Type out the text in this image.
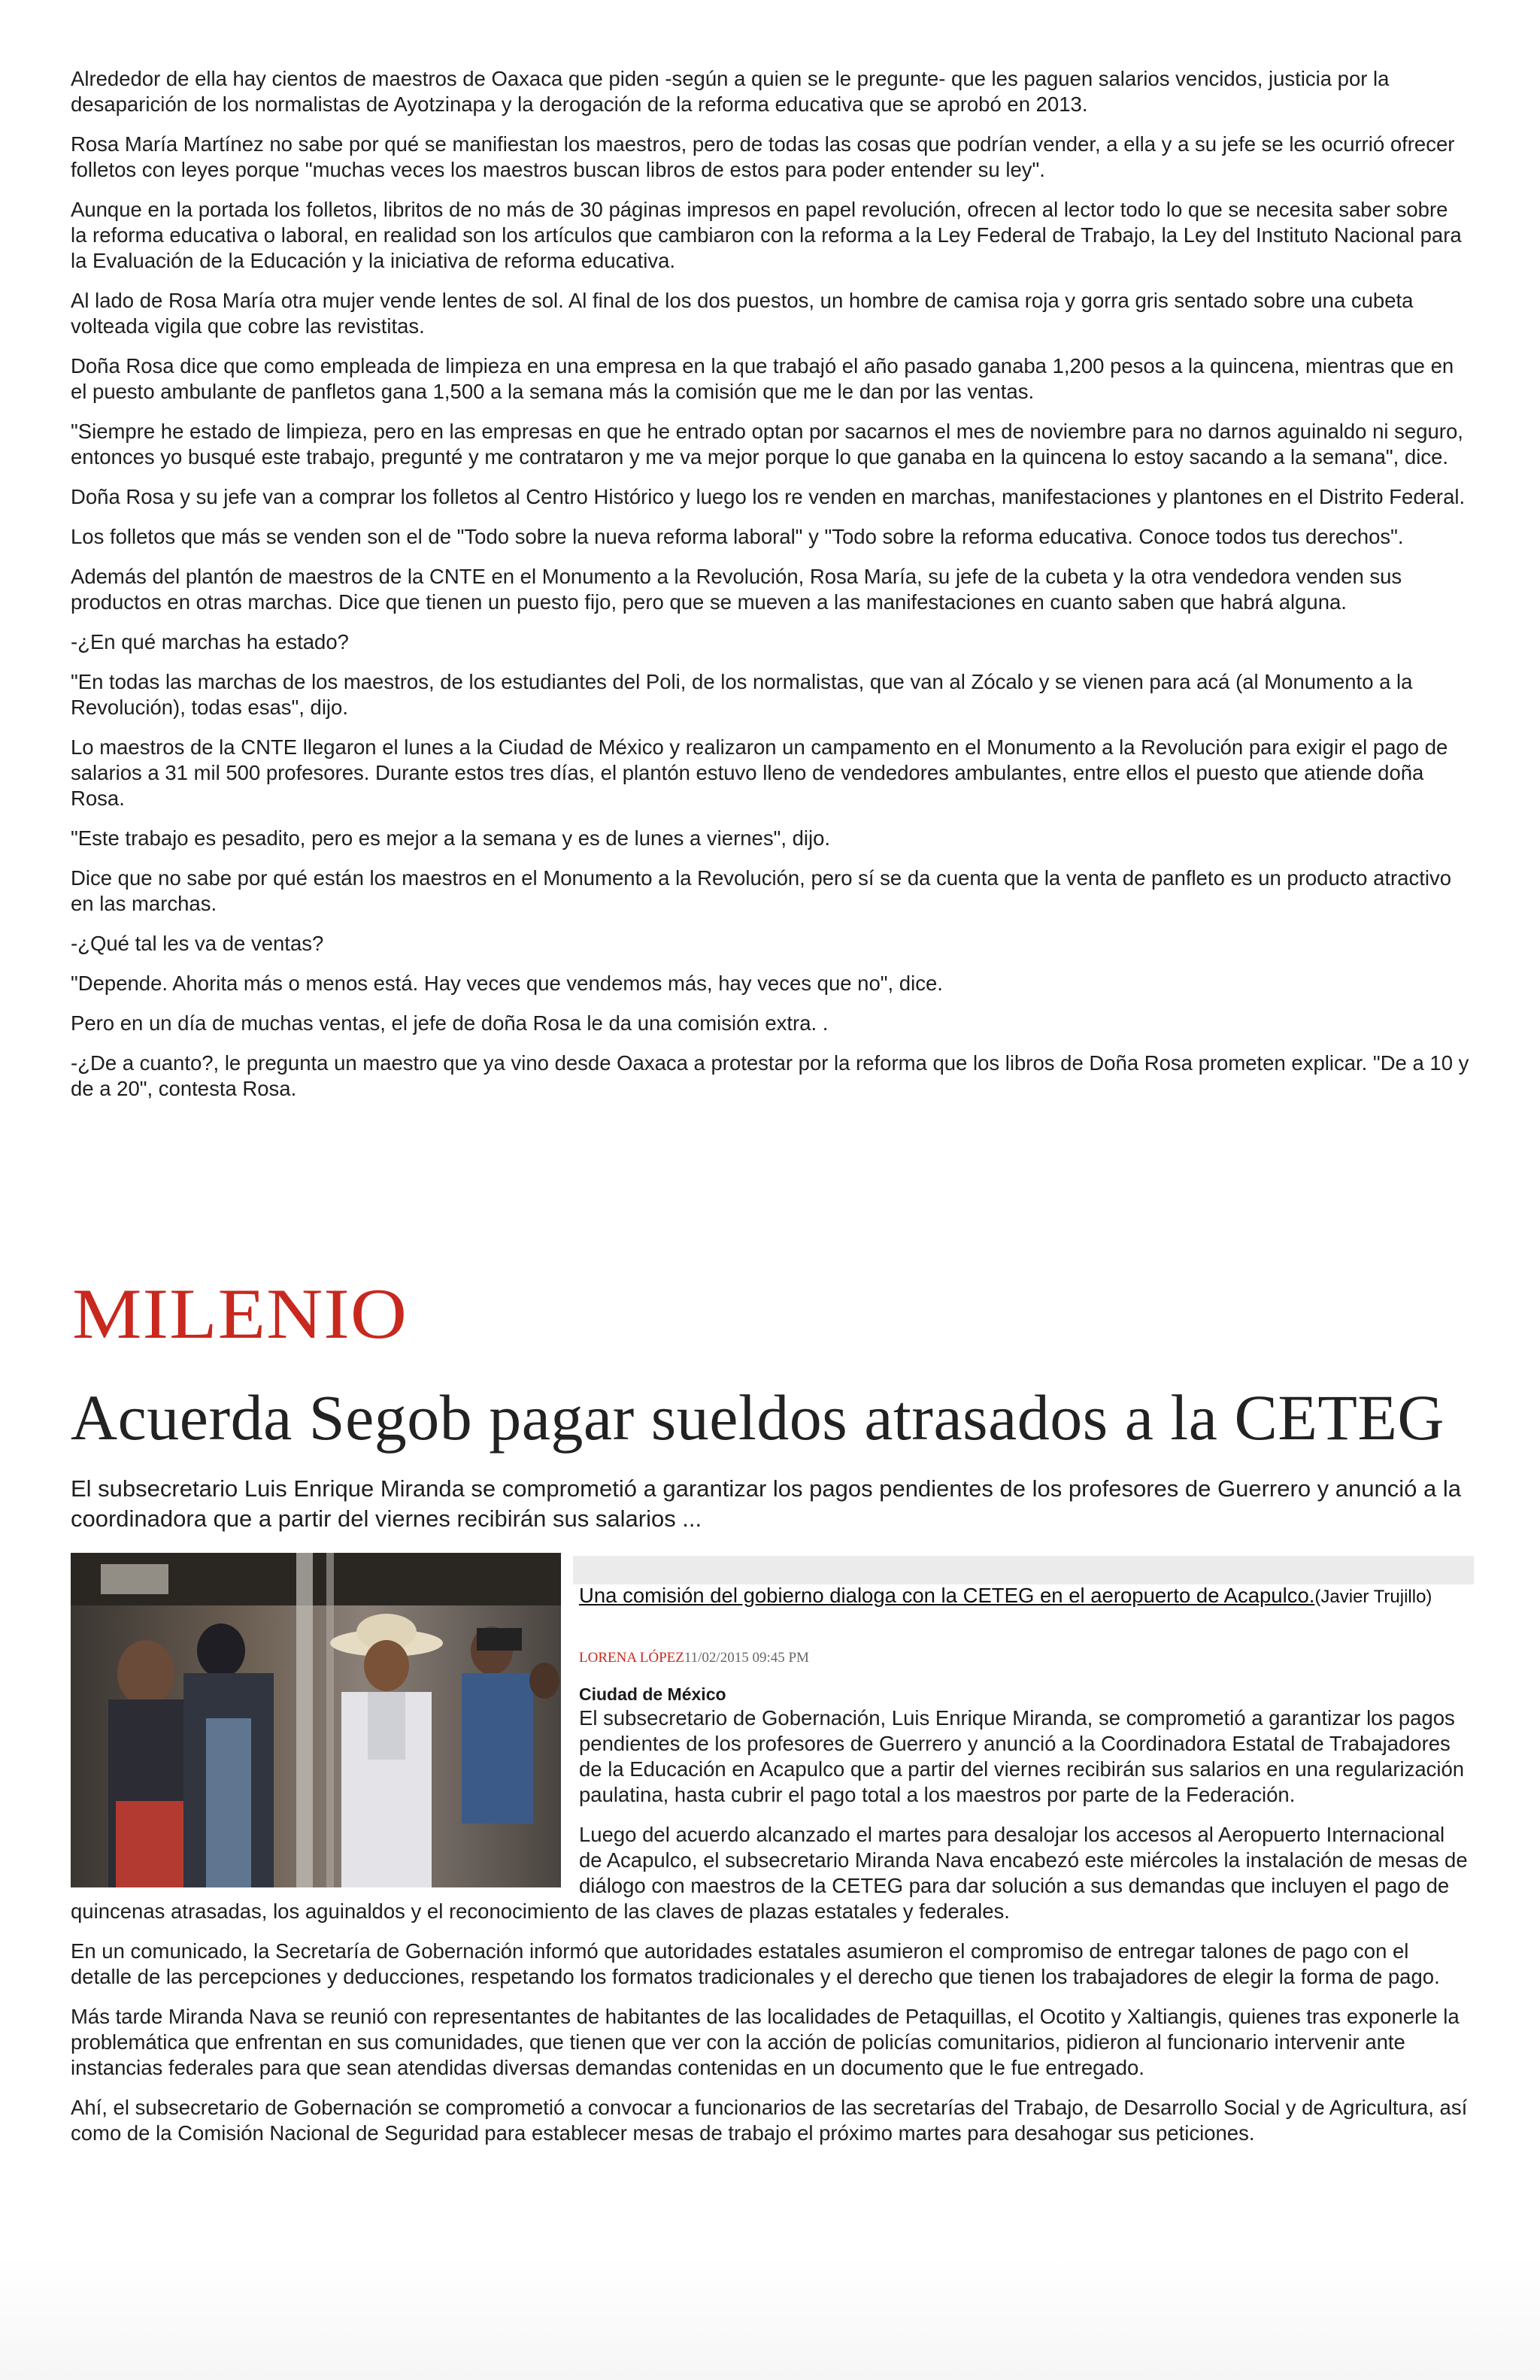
Alrededor de ella hay cientos de maestros de Oaxaca que piden -según a quien se le pregunte- que les paguen salarios vencidos, justicia por la desaparición de los normalistas de Ayotzinapa y la derogación de la reforma educativa que se aprobó en 2013.

Rosa María Martínez no sabe por qué se manifiestan los maestros, pero de todas las cosas que podrían vender, a ella y a su jefe se les ocurrió ofrecer folletos con leyes porque "muchas veces los maestros buscan libros de estos para poder entender su ley".

Aunque en la portada los folletos, libritos de no más de 30 páginas impresos en papel revolución, ofrecen al lector todo lo que se necesita saber sobre la reforma educativa o laboral, en realidad son los artículos que cambiaron con la reforma a la Ley Federal de Trabajo, la Ley del Instituto Nacional para la Evaluación de la Educación y la iniciativa de reforma educativa.

Al lado de Rosa María otra mujer vende lentes de sol. Al final de los dos puestos, un hombre de camisa roja y gorra gris sentado sobre una cubeta volteada vigila que cobre las revistitas.

Doña Rosa dice que como empleada de limpieza en una empresa en la que trabajó el año pasado ganaba 1,200 pesos a la quincena, mientras que en el puesto ambulante de panfletos gana 1,500 a la semana más la comisión que me le dan por las ventas.

"Siempre he estado de limpieza, pero en las empresas en que he entrado optan por sacarnos el mes de noviembre para no darnos aguinaldo ni seguro, entonces yo busqué este trabajo, pregunté y me contrataron y me va mejor porque lo que ganaba en la quincena lo estoy sacando a la semana", dice.

Doña Rosa y su jefe van a comprar los folletos al Centro Histórico y luego los re venden en marchas, manifestaciones y plantones en el Distrito Federal.

Los folletos que más se venden son el de "Todo sobre la nueva reforma laboral" y "Todo sobre la reforma educativa. Conoce todos tus derechos".

Además del plantón de maestros de la CNTE en el Monumento a la Revolución, Rosa María, su jefe de la cubeta y la otra vendedora venden sus productos en otras marchas. Dice que tienen un puesto fijo, pero que se mueven a las manifestaciones en cuanto saben que habrá alguna.

-¿En qué marchas ha estado?

"En todas las marchas de los maestros, de los estudiantes del Poli, de los normalistas, que van al Zócalo y se vienen para acá (al Monumento a la Revolución), todas esas", dijo.

Lo maestros de la CNTE llegaron el lunes a la Ciudad de México y realizaron un campamento en el Monumento a la Revolución para exigir el pago de salarios a 31 mil 500 profesores. Durante estos tres días, el plantón estuvo lleno de vendedores ambulantes, entre ellos el puesto que atiende doña Rosa.

"Este trabajo es pesadito, pero es mejor a la semana y es de lunes a viernes", dijo.

Dice que no sabe por qué están los maestros en el Monumento a la Revolución, pero sí se da cuenta que la venta de panfleto es un producto atractivo en las marchas.

-¿Qué tal les va de ventas?

"Depende. Ahorita más o menos está. Hay veces que vendemos más, hay veces que no", dice.

Pero en un día de muchas ventas, el jefe de doña Rosa le da una comisión extra. .

-¿De a cuanto?, le pregunta un maestro que ya vino desde Oaxaca a protestar por la reforma que los libros de Doña Rosa prometen explicar. "De a 10 y de a 20", contesta Rosa.

MILENIO
Acuerda Segob pagar sueldos atrasados a la CETEG

El subsecretario Luis Enrique Miranda se comprometió a garantizar los pagos pendientes de los profesores de Guerrero y anunció a la coordinadora que a partir del viernes recibirán sus salarios ...

Una comisión del gobierno dialoga con la CETEG en el aeropuerto de Acapulco.(Javier Trujillo)

LORENA LÓPEZ11/02/2015 09:45 PM

Ciudad de México

El subsecretario de Gobernación, Luis Enrique Miranda, se comprometió a garantizar los pagos pendientes de los profesores de Guerrero y anunció a la Coordinadora Estatal de Trabajadores de la Educación en Acapulco que a partir del viernes recibirán sus salarios en una regularización paulatina, hasta cubrir el pago total a los maestros por parte de la Federación.

Luego del acuerdo alcanzado el martes para desalojar los accesos al Aeropuerto Internacional de Acapulco, el subsecretario Miranda Nava encabezó este miércoles la instalación de mesas de diálogo con maestros de la CETEG para dar solución a sus demandas que incluyen el pago de quincenas atrasadas, los aguinaldos y el reconocimiento de las claves de plazas estatales y federales.

En un comunicado, la Secretaría de Gobernación informó que autoridades estatales asumieron el compromiso de entregar talones de pago con el detalle de las percepciones y deducciones, respetando los formatos tradicionales y el derecho que tienen los trabajadores de elegir la forma de pago.

Más tarde Miranda Nava se reunió con representantes de habitantes de las localidades de Petaquillas, el Ocotito y Xaltiangis, quienes tras exponerle la problemática que enfrentan en sus comunidades, que tienen que ver con la acción de policías comunitarios, pidieron al funcionario intervenir ante instancias federales para que sean atendidas diversas demandas contenidas en un documento que le fue entregado.

Ahí, el subsecretario de Gobernación se comprometió a convocar a funcionarios de las secretarías del Trabajo, de Desarrollo Social y de Agricultura, así como de la Comisión Nacional de Seguridad para establecer mesas de trabajo el próximo martes para desahogar sus peticiones.
